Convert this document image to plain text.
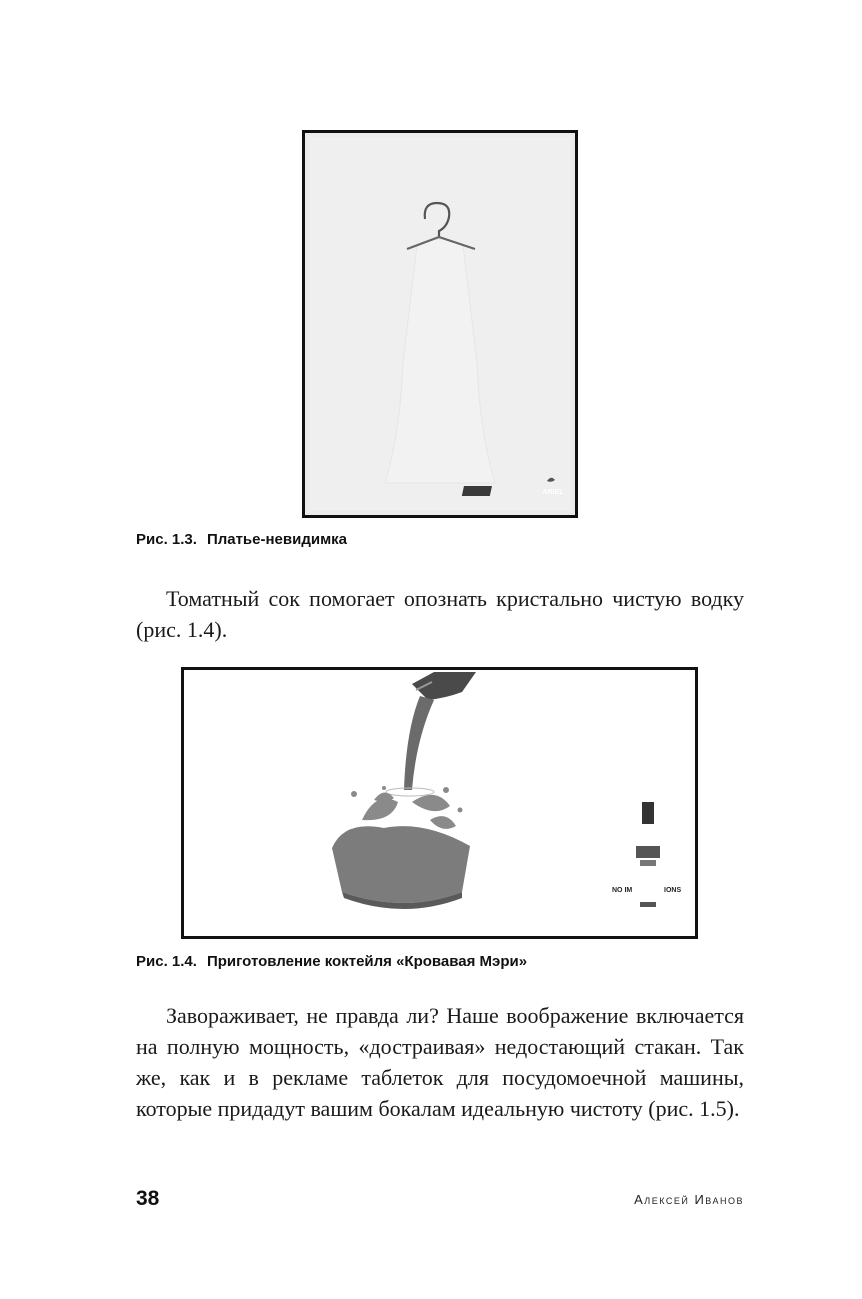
ARIEL
Рис. 1.3. Платье-невидимка

Томатный сок помогает опознать кристально чистую водку (рис. 1.4).

NO IM	IONS
Рис. 1.4. Приготовление коктейля «Кровавая Мэри»

Завораживает, не правда ли? Наше воображение включается на полную мощность, «достраивая» недостающий стакан. Так же, как и в рекламе таблеток для посудомоечной машины, которые придадут вашим бокалам идеальную чистоту (рис. 1.5).

38	Алексей Иванов
